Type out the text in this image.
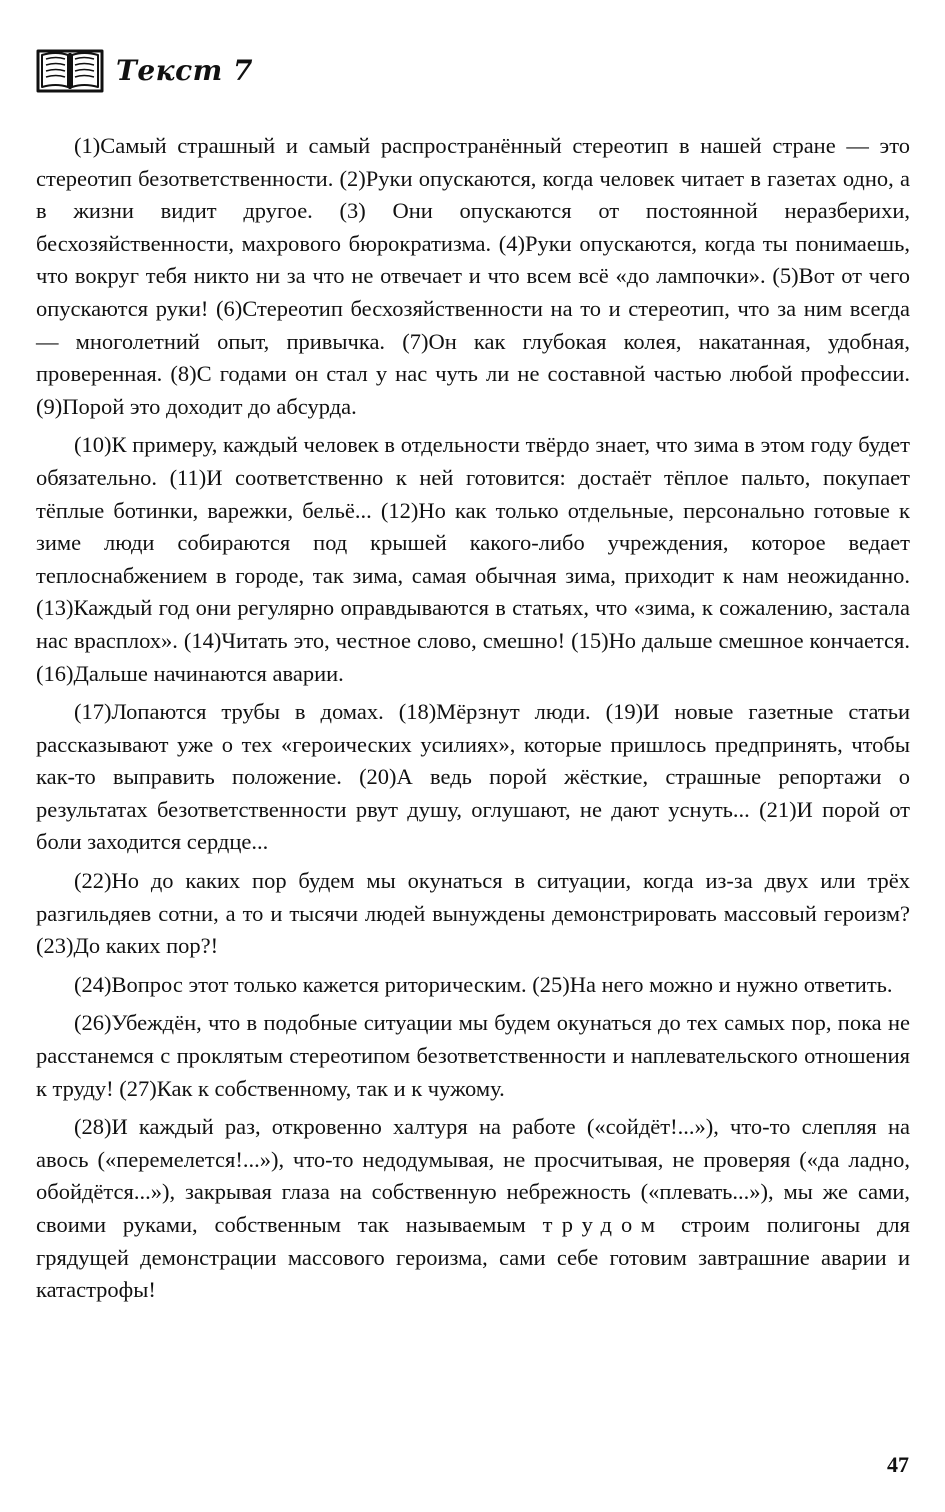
Текст 7

(1)Самый страшный и самый распространённый стереотип в нашей стране — это стереотип безответственности. (2)Руки опускаются, когда человек читает в газетах одно, а в жизни видит другое. (3) Они опускаются от постоянной неразберихи, бесхозяйственности, махрового бюрократизма. (4)Руки опускаются, когда ты понимаешь, что вокруг тебя никто ни за что не отвечает и что всем всё «до лампочки». (5)Вот от чего опускаются руки! (6)Стереотип бесхозяйственности на то и стереотип, что за ним всегда — многолетний опыт, привычка. (7)Он как глубокая колея, накатанная, удобная, проверенная. (8)С годами он стал у нас чуть ли не составной частью любой профессии. (9)Порой это доходит до абсурда.

(10)К примеру, каждый человек в отдельности твёрдо знает, что зима в этом году будет обязательно. (11)И соответственно к ней готовится: достаёт тёплое пальто, покупает тёплые ботинки, варежки, бельё... (12)Но как только отдельные, персонально готовые к зиме люди собираются под крышей какого-либо учреждения, которое ведает теплоснабжением в городе, так зима, самая обычная зима, приходит к нам неожиданно. (13)Каждый год они регулярно оправдываются в статьях, что «зима, к сожалению, застала нас врасплох». (14)Читать это, честное слово, смешно! (15)Но дальше смешное кончается. (16)Дальше начинаются аварии.

(17)Лопаются трубы в домах. (18)Мёрзнут люди. (19)И новые газетные статьи рассказывают уже о тех «героических усилиях», которые пришлось предпринять, чтобы как-то выправить положение. (20)А ведь порой жёсткие, страшные репортажи о результатах безответственности рвут душу, оглушают, не дают уснуть... (21)И порой от боли заходится сердце...

(22)Но до каких пор будем мы окунаться в ситуации, когда из-за двух или трёх разгильдяев сотни, а то и тысячи людей вынуждены демонстрировать массовый героизм? (23)До каких пор?!

(24)Вопрос этот только кажется риторическим. (25)На него можно и нужно ответить.

(26)Убеждён, что в подобные ситуации мы будем окунаться до тех самых пор, пока не расстанемся с проклятым стереотипом безответственности и наплевательского отношения к труду! (27)Как к собственному, так и к чужому.

(28)И каждый раз, откровенно халтуря на работе («сойдёт!...»), что-то слепляя на авось («перемелется!...»), что-то недодумывая, не просчитывая, не проверяя («да ладно, обойдётся...»), закрывая глаза на собственную небрежность («плевать...»), мы же сами, своими руками, собственным так называемым трудом строим полигоны для грядущей демонстрации массового героизма, сами себе готовим завтрашние аварии и катастрофы!

47
